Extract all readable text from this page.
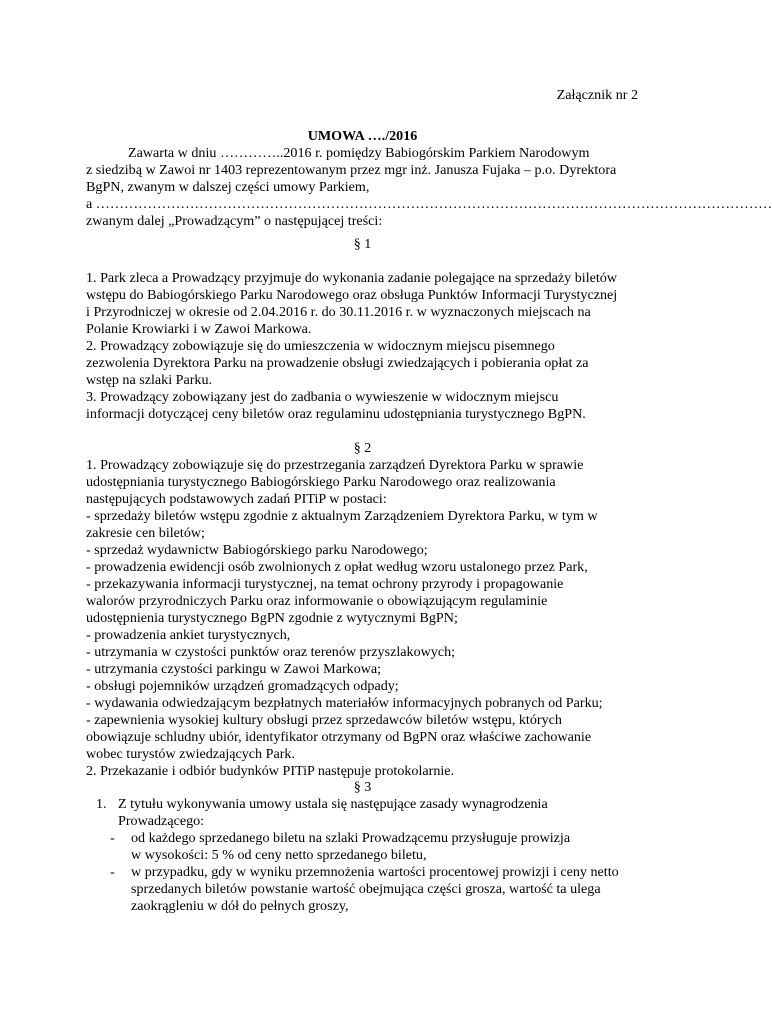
Załącznik nr 2

UMOWA …./2016

Zawarta w dniu …………..2016 r. pomiędzy Babiogórskim Parkiem Narodowym

z siedzibą w Zawoi nr 1403 reprezentowanym przez mgr inż. Janusza Fujaka – p.o. Dyrektora

BgPN, zwanym w dalszej części umowy Parkiem,

a ………………………………………………………………………………………………………………………………

zwanym dalej „Prowadzącym” o następującej treści:

§ 1

1. Park zleca a Prowadzący przyjmuje do wykonania zadanie polegające na sprzedaży biletów

wstępu do Babiogórskiego Parku Narodowego oraz obsługa Punktów Informacji Turystycznej

i Przyrodniczej w okresie od 2.04.2016 r. do 30.11.2016 r. w wyznaczonych miejscach na

Polanie Krowiarki i w Zawoi Markowa.

2. Prowadzący zobowiązuje się do umieszczenia w widocznym miejscu pisemnego

zezwolenia Dyrektora Parku na prowadzenie obsługi zwiedzających i pobierania opłat za

wstęp na szlaki Parku.

3. Prowadzący zobowiązany jest do zadbania o wywieszenie w widocznym miejscu

informacji dotyczącej ceny biletów oraz regulaminu udostępniania turystycznego BgPN.

§ 2

1. Prowadzący zobowiązuje się do przestrzegania zarządzeń Dyrektora Parku w sprawie

udostępniania turystycznego Babiogórskiego Parku Narodowego oraz realizowania

następujących podstawowych zadań PITiP w postaci:

- sprzedaży biletów wstępu zgodnie z aktualnym Zarządzeniem Dyrektora Parku, w tym w

zakresie cen biletów;

- sprzedaż wydawnictw Babiogórskiego parku Narodowego;

- prowadzenia ewidencji osób zwolnionych z opłat według wzoru ustalonego przez Park,

- przekazywania informacji turystycznej, na temat ochrony przyrody i propagowanie

walorów przyrodniczych Parku oraz informowanie o obowiązującym regulaminie

udostępnienia turystycznego BgPN zgodnie z wytycznymi BgPN;

- prowadzenia ankiet turystycznych,

- utrzymania w czystości punktów oraz terenów przyszlakowych;

- utrzymania czystości parkingu w Zawoi Markowa;

- obsługi pojemników urządzeń gromadzących odpady;

- wydawania odwiedzającym bezpłatnych materiałów informacyjnych pobranych od Parku;

- zapewnienia wysokiej kultury obsługi przez sprzedawców biletów wstępu, których

obowiązuje schludny ubiór, identyfikator otrzymany od BgPN oraz właściwe zachowanie

wobec turystów zwiedzających Park.

2. Przekazanie i odbiór budynków PITiP następuje protokolarnie.

§ 3

1. Z tytułu wykonywania umowy ustala się następujące zasady wynagrodzenia

Prowadzącego:

- od każdego sprzedanego biletu na szlaki Prowadzącemu przysługuje prowizja

w wysokości: 5 % od ceny netto sprzedanego biletu,

- w przypadku, gdy w wyniku przemnożenia wartości procentowej prowizji i ceny netto

sprzedanych biletów powstanie wartość obejmująca części grosza, wartość ta ulega

zaokrągleniu w dół do pełnych groszy,
